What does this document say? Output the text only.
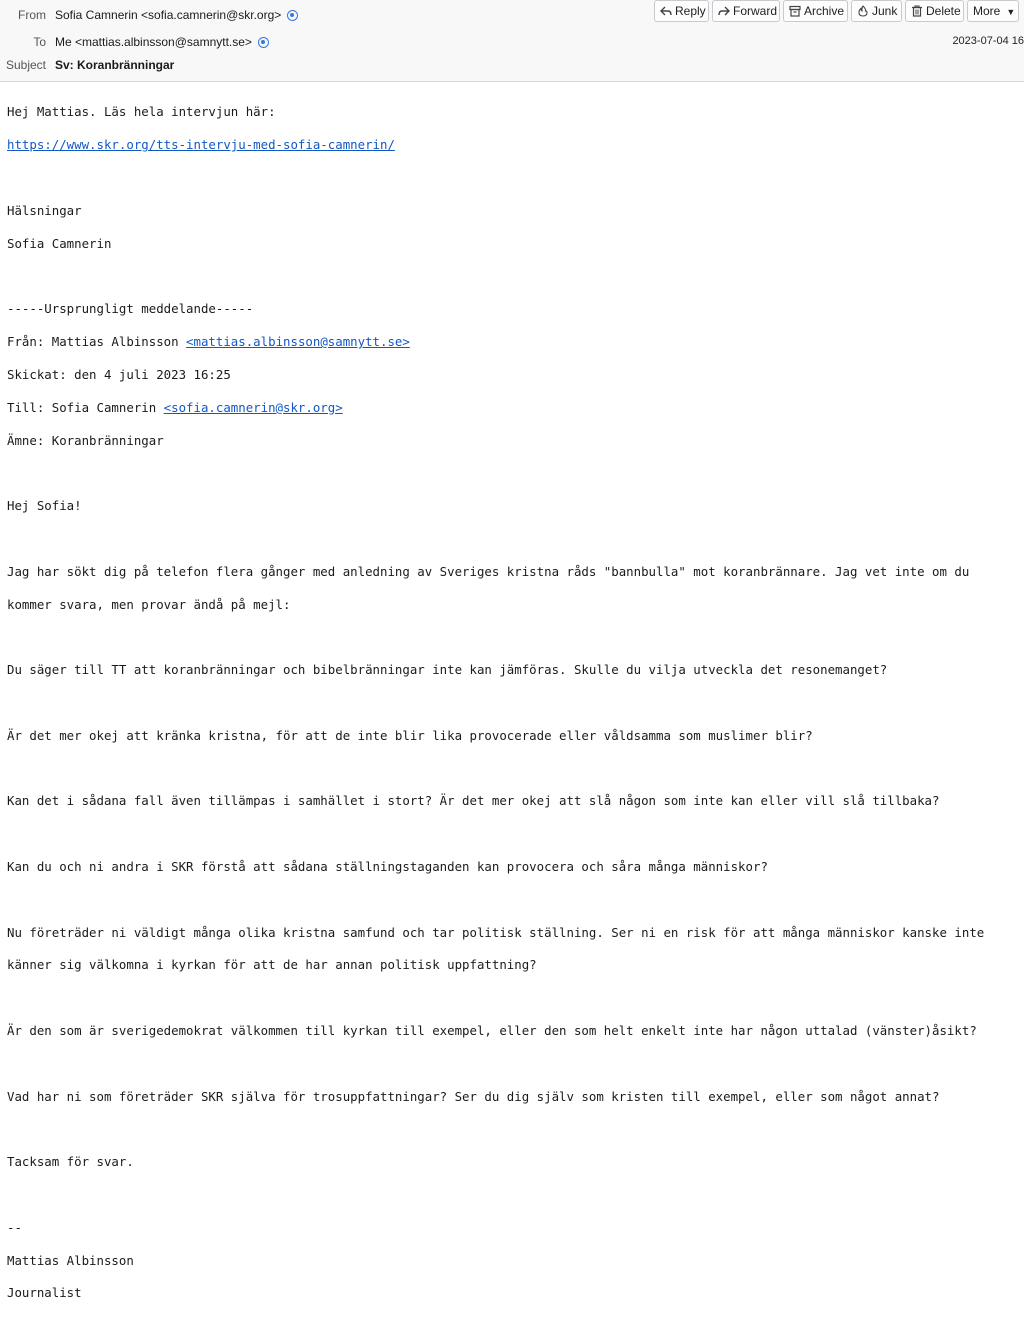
From Sofia Camnerin <sofia.camnerin@skr.org>
To Me <mattias.albinsson@samnytt.se>
Subject Sv: Koranbränningar
Reply	Forward	Archive	Junk	Delete	More ▼
2023-07-04 16

Hej Mattias. Läs hela intervjun här:

https://www.skr.org/tts-intervju-med-sofia-camnerin/

Hälsningar

Sofia Camnerin

-----Ursprungligt meddelande-----

Från: Mattias Albinsson <mattias.albinsson@samnytt.se>

Skickat: den 4 juli 2023 16:25

Till: Sofia Camnerin <sofia.camnerin@skr.org>

Ämne: Koranbränningar

Hej Sofia!

Jag har sökt dig på telefon flera gånger med anledning av Sveriges kristna råds "bannbulla" mot koranbrännare. Jag vet inte om du

kommer svara, men provar ändå på mejl:

Du säger till TT att koranbränningar och bibelbränningar inte kan jämföras. Skulle du vilja utveckla det resonemanget?

Är det mer okej att kränka kristna, för att de inte blir lika provocerade eller våldsamma som muslimer blir?

Kan det i sådana fall även tillämpas i samhället i stort? Är det mer okej att slå någon som inte kan eller vill slå tillbaka?

Kan du och ni andra i SKR förstå att sådana ställningstaganden kan provocera och såra många människor?

Nu företräder ni väldigt många olika kristna samfund och tar politisk ställning. Ser ni en risk för att många människor kanske inte

känner sig välkomna i kyrkan för att de har annan politisk uppfattning?

Är den som är sverigedemokrat välkommen till kyrkan till exempel, eller den som helt enkelt inte har någon uttalad (vänster)åsikt?

Vad har ni som företräder SKR själva för trosuppfattningar? Ser du dig själv som kristen till exempel, eller som något annat?

Tacksam för svar.

--

Mattias Albinsson

Journalist
